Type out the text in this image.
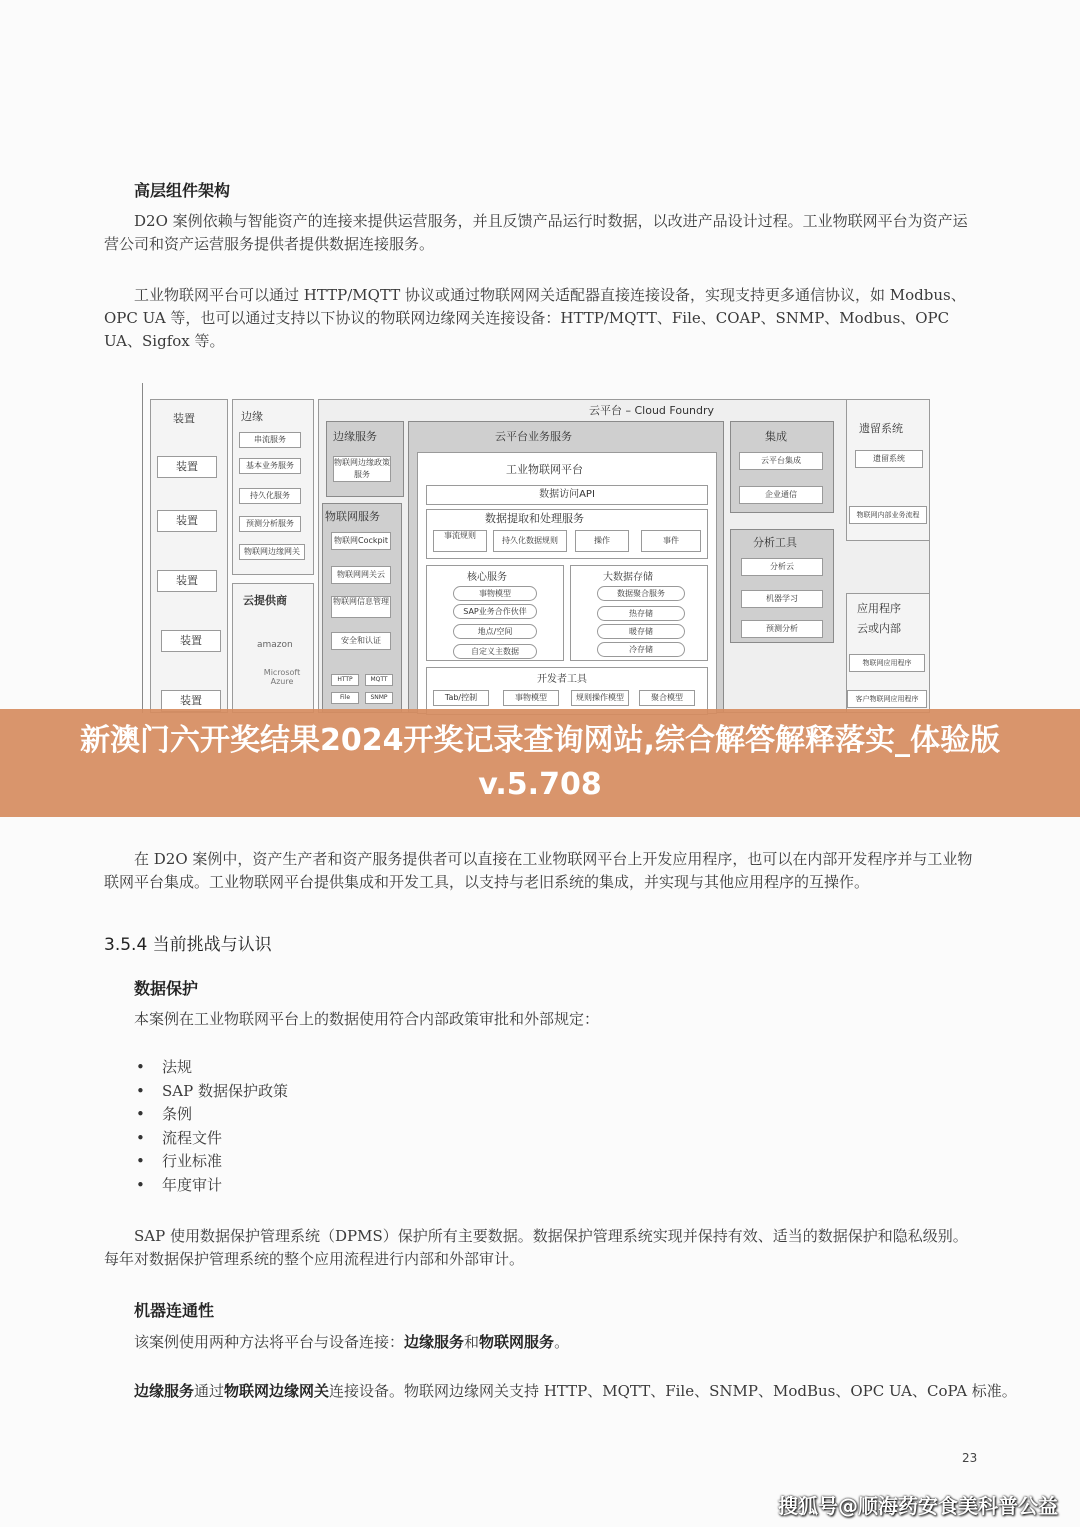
高层组件架构
D2O 案例依赖与智能资产的连接来提供运营服务，并且反馈产品运行时数据，以改进产品设计过程。工业物联网平台为资产运营公司和资产运营服务提供者提供数据连接服务。
工业物联网平台可以通过 HTTP/MQTT 协议或通过物联网网关适配器直接连接设备，实现支持更多通信协议，如 Modbus、OPC UA 等，也可以通过支持以下协议的物联网边缘网关连接设备：HTTP/MQTT、File、COAP、SNMP、Modbus、OPC UA、Sigfox 等。
装置
装置
装置
装置
装置
装置
边缘
串流服务
基本业务服务
持久化服务
预测分析服务
物联网边缘网关
云提供商
amazon
Microsoft Azure
云平台 – Cloud Foundry
边缘服务
物联网边缘政策服务
物联网服务
物联网Cockpit
物联网网关云
物联网信息管理
安全和认证
HTTP	MQTT
File	SNMP
云平台业务服务
工业物联网平台
数据访问API
数据提取和处理服务
事流规则
持久化数据规则	操作	事件
核心服务
事物模型
SAP业务合作伙伴
地点/空间
自定义主数据
大数据存储
数据聚合服务
热存储
暖存储
冷存储
开发者工具
Tab/控制	事物模型	规则操作模型	聚合模型
集成
云平台集成
企业通信
分析工具
分析云
机器学习
预测分析
遗留系统
遗留系统
物联网内部业务流程
应用程序
云或内部
物联网应用程序
客户物联网应用程序
在 D2O 案例中，资产生产者和资产服务提供者可以直接在工业物联网平台上开发应用程序，也可以在内部开发程序并与工业物联网平台集成。工业物联网平台提供集成和开发工具，以支持与老旧系统的集成，并实现与其他应用程序的互操作。
3.5.4 当前挑战与认识
数据保护
本案例在工业物联网平台上的数据使用符合内部政策审批和外部规定：
• 法规
• SAP 数据保护政策
• 条例
• 流程文件
• 行业标准
• 年度审计
SAP 使用数据保护管理系统（DPMS）保护所有主要数据。数据保护管理系统实现并保持有效、适当的数据保护和隐私级别。每年对数据保护管理系统的整个应用流程进行内部和外部审计。
机器连通性
该案例使用两种方法将平台与设备连接：边缘服务和物联网服务。
边缘服务通过物联网边缘网关连接设备。物联网边缘网关支持 HTTP、MQTT、File、SNMP、ModBus、OPC UA、CoPA 标准。
23
新澳门六开奖结果2024开奖记录查询网站,综合解答解释落实_体验版v.5.708
搜狐号@顺海药安食美科普公益
